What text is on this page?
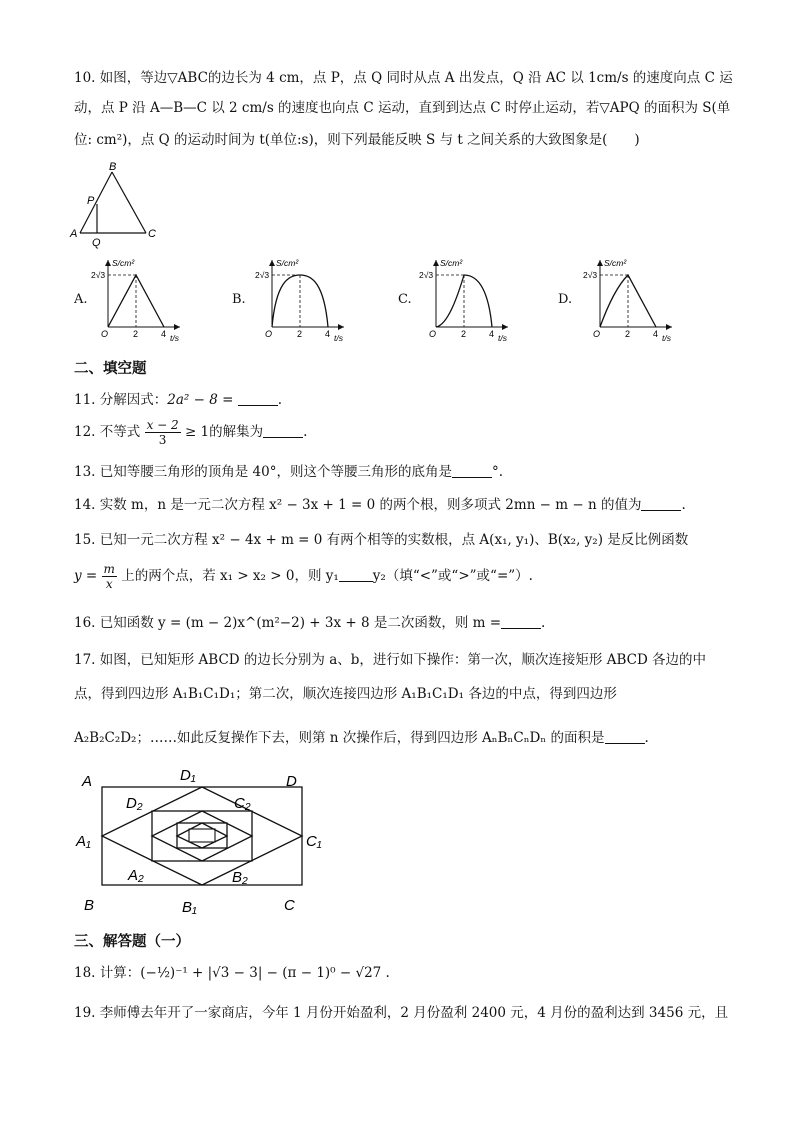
10. 如图，等边▽ABC的边长为 4 cm，点 P，点 Q 同时从点 A 出发点，Q 沿 AC 以 1cm/s 的速度向点 C 运
动，点 P 沿 A—B—C 以 2 cm/s 的速度也向点 C 运动，直到到达点 C 时停止运动，若▽APQ 的面积为 S(单
位: cm²)，点 Q 的运动时间为 t(单位:s)，则下列最能反映 S 与 t 之间关系的大致图象是(　　)
B
P
A
Q
C
A.	B.	C.	D.
S/cm²
2√3
O	2	4 t/s
S/cm²
2√3
O	2	4 t/s
S/cm²
2√3
O	2	4 t/s
S/cm²
2√3
O	2	4 t/s
二、填空题
11. 分解因式：2a² − 8 =	.
12. 不等式 $\frac{x - 2}{3} \ge 1$的解集为	.
13. 已知等腰三角形的顶角是 40°，则这个等腰三角形的底角是	°.
14. 实数 m，n 是一元二次方程 x² − 3x + 1 = 0 的两个根，则多项式 2mn − m − n 的值为	.
15. 已知一元二次方程 x² − 4x + m = 0 有两个相等的实数根，点 A(x₁, y₁)、B(x₂, y₂) 是反比例函数
$y = \frac{m}{x}$ 上的两个点，若 x₁ > x₂ > 0，则 y₁	y₂（填“<”或“>”或“=”）.
16. 已知函数 y = (m − 2)x^(m²−2) + 3x + 8 是二次函数，则 m =	.
17. 如图，已知矩形 ABCD 的边长分别为 a、b，进行如下操作：第一次，顺次连接矩形 ABCD 各边的中
点，得到四边形 A₁B₁C₁D₁；第二次，顺次连接四边形 A₁B₁C₁D₁ 各边的中点，得到四边形
A₂B₂C₂D₂；……如此反复操作下去，则第 n 次操作后，得到四边形 AₙBₙCₙDₙ 的面积是	.
A	D₁	D
D₂	C₂
A₁	C₁
A₂	B₂
B	B₁	C
三、解答题（一）
18. 计算：(−½)⁻¹ + |√3 − 3| − (π − 1)⁰ − √27 .
19. 李师傅去年开了一家商店，今年 1 月份开始盈利，2 月份盈利 2400 元，4 月份的盈利达到 3456 元，且
